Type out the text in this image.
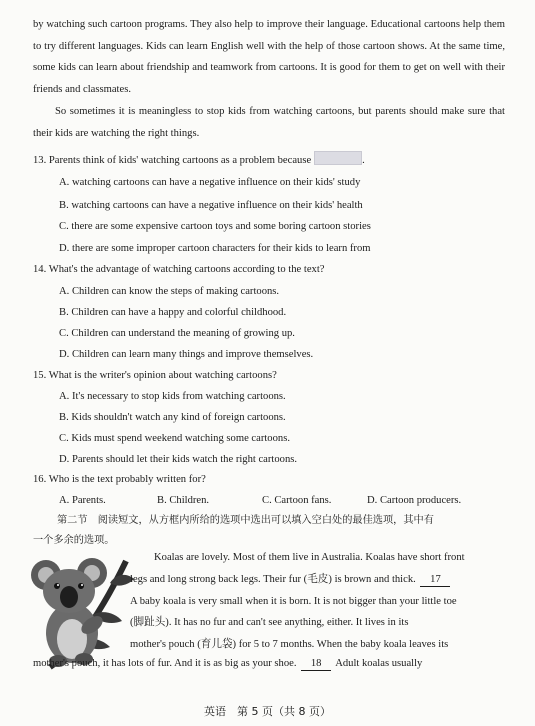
by watching such cartoon programs. They also help to improve their language. Educational cartoons help them to try different languages. Kids can learn English well with the help of those cartoon shows. At the same time, some kids can learn about friendship and teamwork from cartoons. It is good for them to get on well with their friends and classmates.

So sometimes it is meaningless to stop kids from watching cartoons, but parents should make sure that their kids are watching the right things.

13. Parents think of kids' watching cartoons as a problem because	.
A. watching cartoons can have a negative influence on their kids' study
B. watching cartoons can have a negative influence on their kids' health
C. there are some expensive cartoon toys and some boring cartoon stories
D. there are some improper cartoon characters for their kids to learn from
14. What's the advantage of watching cartoons according to the text?
A. Children can know the steps of making cartoons.
B. Children can have a happy and colorful childhood.
C. Children can understand the meaning of growing up.
D. Children can learn many things and improve themselves.
15. What is the writer's opinion about watching cartoons?
A. It's necessary to stop kids from watching cartoons.
B. Kids shouldn't watch any kind of foreign cartoons.
C. Kids must spend weekend watching some cartoons.
D. Parents should let their kids watch the right cartoons.
16. Who is the text probably written for?
A. Parents.	B. Children.	C. Cartoon fans.	D. Cartoon producers.
第二节　阅读短文，从方框内所给的选项中选出可以填入空白处的最佳选项，其中有
一个多余的选项。
Koalas are lovely. Most of them live in Australia. Koalas have short front
legs and long strong back legs. Their fur (毛皮) is brown and thick. 17
A baby koala is very small when it is born. It is not bigger than your little toe
(脚趾头). It has no fur and can't see anything, either. It lives in its
mother's pouch (育儿袋) for 5 to 7 months. When the baby koala leaves its
mother's pouch, it has lots of fur. And it is as big as your shoe. 18 Adult koalas usually
英语　第 5 页（共 8 页）
